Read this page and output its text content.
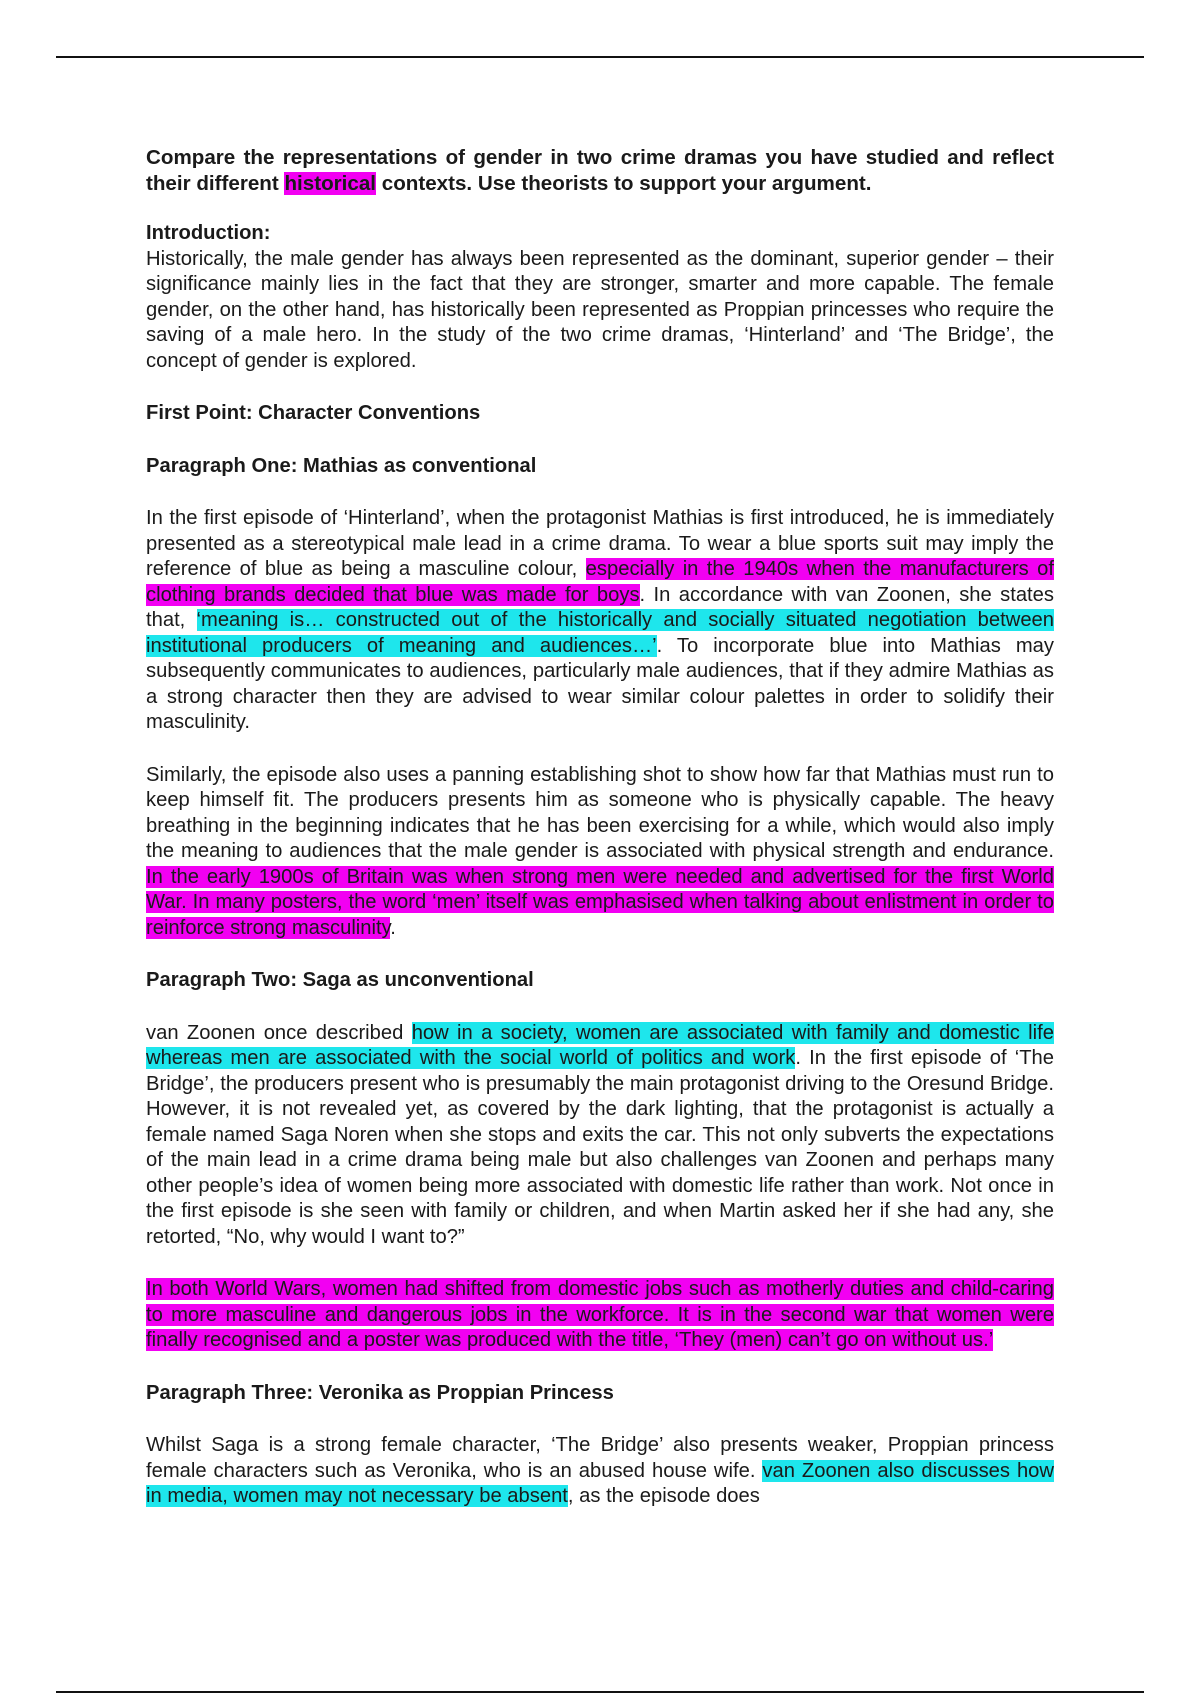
Compare the representations of gender in two crime dramas you have studied and reflect their different historical contexts. Use theorists to support your argument.

Introduction:

Historically, the male gender has always been represented as the dominant, superior gender – their significance mainly lies in the fact that they are stronger, smarter and more capable. The female gender, on the other hand, has historically been represented as Proppian princesses who require the saving of a male hero. In the study of the two crime dramas, ‘Hinterland’ and ‘The Bridge’, the concept of gender is explored.

First Point: Character Conventions
Paragraph One: Mathias as conventional

In the first episode of ‘Hinterland’, when the protagonist Mathias is first introduced, he is immediately presented as a stereotypical male lead in a crime drama. To wear a blue sports suit may imply the reference of blue as being a masculine colour, especially in the 1940s when the manufacturers of clothing brands decided that blue was made for boys. In accordance with van Zoonen, she states that, ‘meaning is… constructed out of the historically and socially situated negotiation between institutional producers of meaning and audiences…’. To incorporate blue into Mathias may subsequently communicates to audiences, particularly male audiences, that if they admire Mathias as a strong character then they are advised to wear similar colour palettes in order to solidify their masculinity.

Similarly, the episode also uses a panning establishing shot to show how far that Mathias must run to keep himself fit. The producers presents him as someone who is physically capable. The heavy breathing in the beginning indicates that he has been exercising for a while, which would also imply the meaning to audiences that the male gender is associated with physical strength and endurance. In the early 1900s of Britain was when strong men were needed and advertised for the first World War. In many posters, the word ‘men’ itself was emphasised when talking about enlistment in order to reinforce strong masculinity.

Paragraph Two: Saga as unconventional

van Zoonen once described how in a society, women are associated with family and domestic life whereas men are associated with the social world of politics and work. In the first episode of ‘The Bridge’, the producers present who is presumably the main protagonist driving to the Oresund Bridge. However, it is not revealed yet, as covered by the dark lighting, that the protagonist is actually a female named Saga Noren when she stops and exits the car. This not only subverts the expectations of the main lead in a crime drama being male but also challenges van Zoonen and perhaps many other people’s idea of women being more associated with domestic life rather than work. Not once in the first episode is she seen with family or children, and when Martin asked her if she had any, she retorted, “No, why would I want to?”

In both World Wars, women had shifted from domestic jobs such as motherly duties and child-caring to more masculine and dangerous jobs in the workforce. It is in the second war that women were finally recognised and a poster was produced with the title, ‘They (men) can’t go on without us.’

Paragraph Three: Veronika as Proppian Princess

Whilst Saga is a strong female character, ‘The Bridge’ also presents weaker, Proppian princess female characters such as Veronika, who is an abused house wife. van Zoonen also discusses how in media, women may not necessary be absent, as the episode does
